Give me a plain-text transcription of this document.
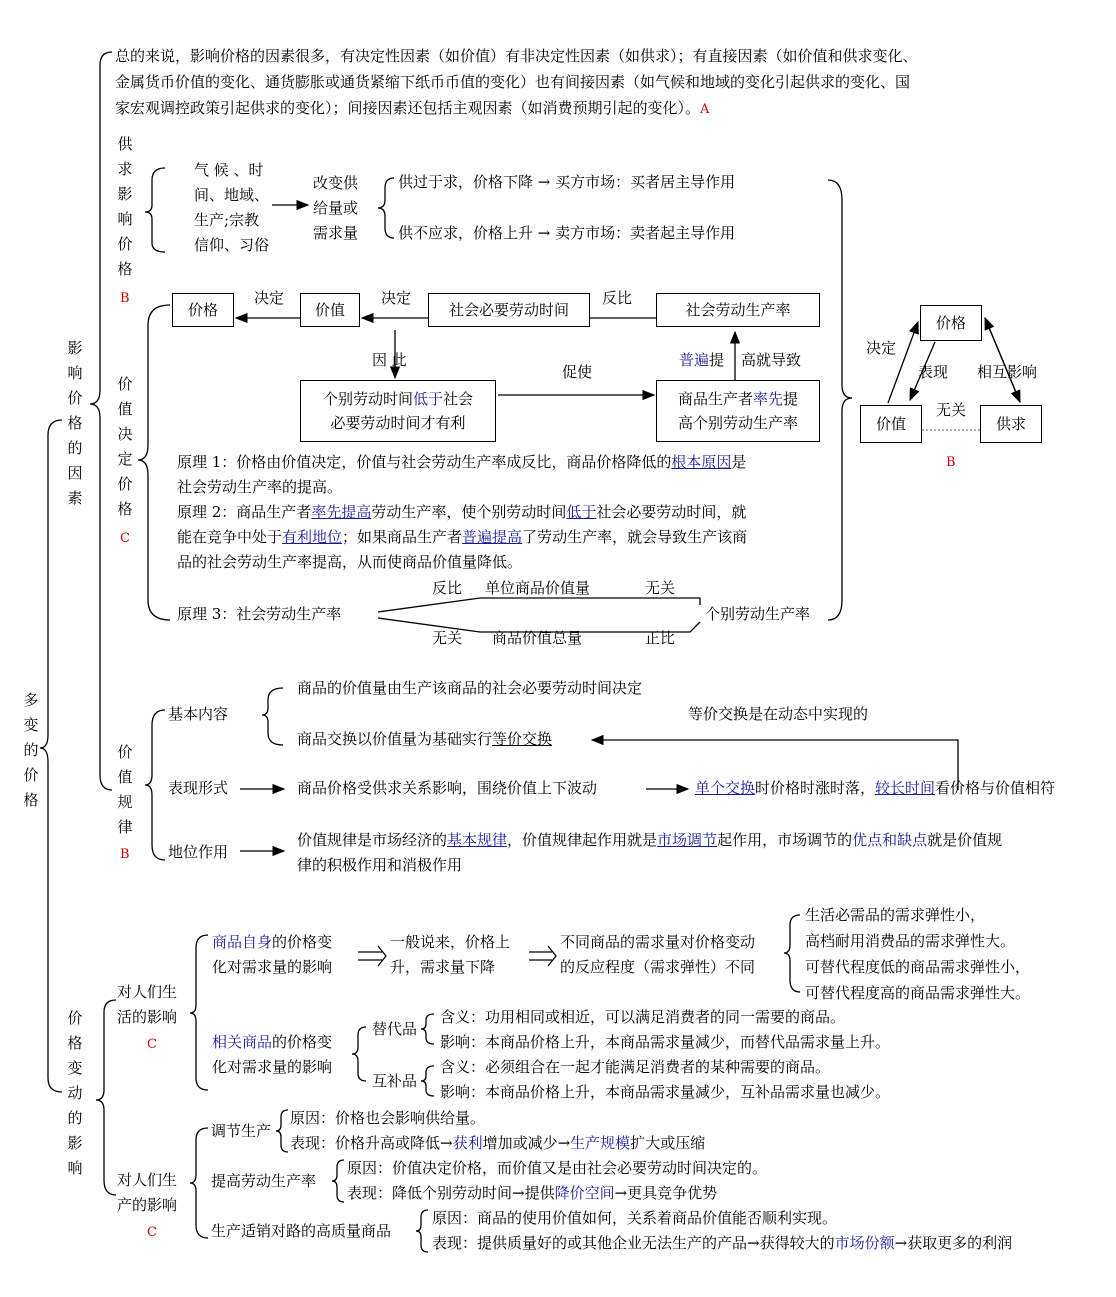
总的来说，影响价格的因素很多，有决定性因素（如价值）有非决定性因素（如供求）；有直接因素（如价值和供求变化、
金属货币价值的变化、通货膨胀或通货紧缩下纸币币值的变化）也有间接因素（如气候和地域的变化引起供求的变化、国
家宏观调控政策引起供求的变化）；间接因素还包括主观因素（如消费预期引起的变化）。A
多变的价格
影响价格的因素
供求影响价格
B
价值决定价格
C
价值规律
B
价格变动的影响
气 候 、时
间、地域、
生产;宗教
信仰、习俗
改变供
给量或
需求量
供过于求，价格下降 → 买方市场：买者居主导作用
供不应求，价格上升 → 卖方市场：卖者起主导作用
价格	价值	社会必要劳动时间	社会劳动生产率
决定	决定	反比
因 此
促使
普遍提 高就导致
个别劳动时间低于社会
必要劳动时间才有利
商品生产者率先提
高个别劳动生产率
原理 1：价格由价值决定，价值与社会劳动生产率成反比，商品价格降低的根本原因是
社会劳动生产率的提高。
原理 2：商品生产者率先提高劳动生产率，使个别劳动时间低于社会必要劳动时间，就
能在竞争中处于有利地位；如果商品生产者普遍提高了劳动生产率，就会导致生产该商
品的社会劳动生产率提高，从而使商品价值量降低。
原理 3：社会劳动生产率
反比 单位商品价值量	无关
个别劳动生产率
无关 商品价值总量	正比
价格
价值	供求
决定
表现 相互影响
无关
B
基本内容
商品的价值量由生产该商品的社会必要劳动时间决定
商品交换以价值量为基础实行等价交换
等价交换是在动态中实现的
表现形式	商品价格受供求关系影响，围绕价值上下波动	单个交换时价格时涨时落，较长时间看价格与价值相符
地位作用
价值规律是市场经济的基本规律，价值规律起作用就是市场调节起作用，市场调节的优点和缺点就是价值规
律的积极作用和消极作用
对人们生
活的影响
C
商品自身的价格变
化对需求量的影响
一般说来，价格上
升，需求量下降
不同商品的需求量对价格变动
的反应程度（需求弹性）不同
生活必需品的需求弹性小，
高档耐用消费品的需求弹性大。
可替代程度低的商品需求弹性小，
可替代程度高的商品需求弹性大。
相关商品的价格变
化对需求量的影响
替代品
含义：功用相同或相近，可以满足消费者的同一需要的商品。
影响：本商品价格上升，本商品需求量减少，而替代品需求量上升。
互补品
含义：必须组合在一起才能满足消费者的某种需要的商品。
影响：本商品价格上升，本商品需求量减少，互补品需求量也减少。
对人们生
产的影响
C
调节生产
原因：价格也会影响供给量。
表现：价格升高或降低→获利增加或减少→生产规模扩大或压缩
提高劳动生产率
原因：价值决定价格，而价值又是由社会必要劳动时间决定的。
表现：降低个别劳动时间→提供降价空间→更具竞争优势
生产适销对路的高质量商品
原因：商品的使用价值如何，关系着商品价值能否顺利实现。
表现：提供质量好的或其他企业无法生产的产品→获得较大的市场份额→获取更多的利润
